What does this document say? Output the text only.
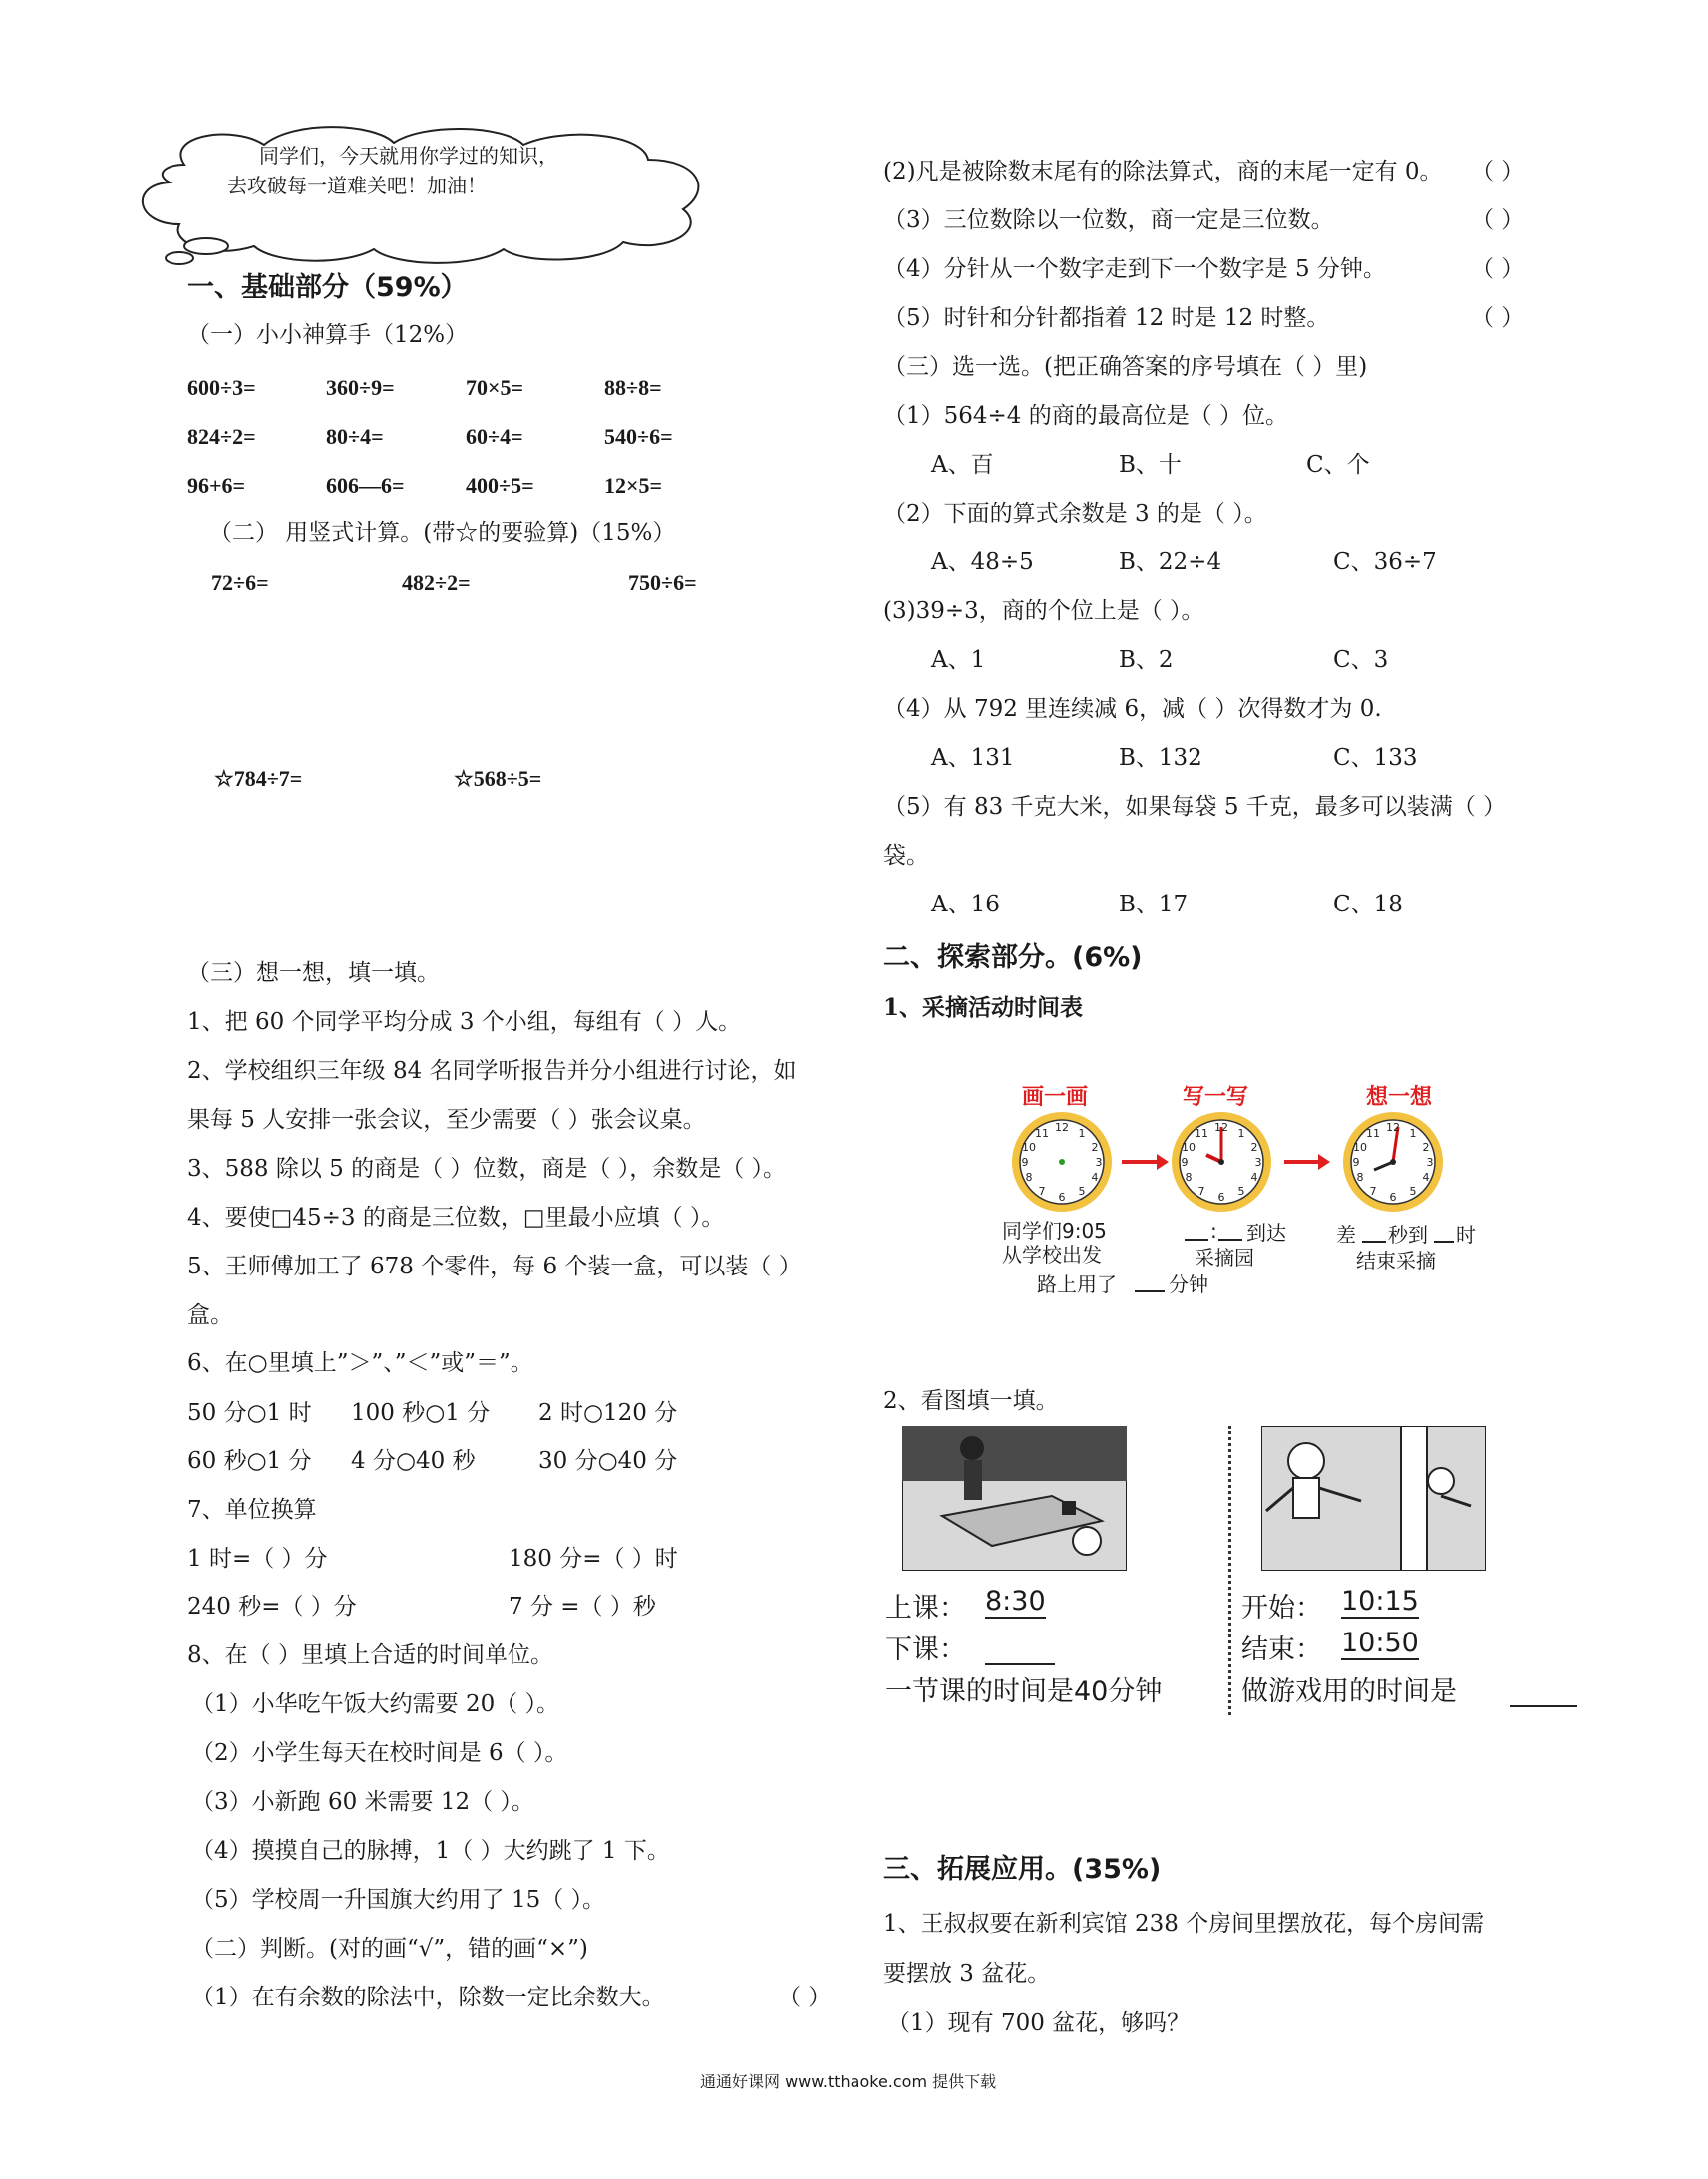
同学们，今天就用你学过的知识，
去攻破每一道难关吧！加油！
一、基础部分（59%）
（一）小小神算手（12%）
600÷3=	360÷9=	70×5=	88÷8=
824÷2=	80÷4=	60÷4=	540÷6=
96+6=	606—6=	400÷5=	12×5=
（二） 用竖式计算。(带☆的要验算)（15%）
72÷6=	482÷2=	750÷6=
☆784÷7=	☆568÷5=
（三）想一想，填一填。
1、把 60 个同学平均分成 3 个小组，每组有（ ）人。
2、学校组织三年级 84 名同学听报告并分小组进行讨论，如
果每 5 人安排一张会议，至少需要（ ）张会议桌。
3、588 除以 5 的商是（ ）位数，商是（ ），余数是（ ）。
4、要使□45÷3 的商是三位数，□里最小应填（ ）。
5、王师傅加工了 678 个零件，每 6 个装一盒，可以装（ ）
盒。
6、在○里填上”＞”、”＜”或”＝”。
50 分○1 时 100 秒○1 分 2 时○120 分
60 秒○1 分 4 分○40 秒	30 分○40 分
7、单位换算
1 时=（ ）分	180 分=（ ）时
240 秒=（ ）分	7 分 =（ ）秒
8、在（ ）里填上合适的时间单位。
（1）小华吃午饭大约需要 20（ ）。
（2）小学生每天在校时间是 6（ ）。
（3）小新跑 60 米需要 12（ ）。
（4）摸摸自己的脉搏，1（ ）大约跳了 1 下。
（5）学校周一升国旗大约用了 15（ ）。
（二）判断。(对的画“√”，错的画“×”)
（1）在有余数的除法中，除数一定比余数大。	（ ）
(2)凡是被除数末尾有的除法算式，商的末尾一定有 0。 （ ）
（3）三位数除以一位数，商一定是三位数。	（ ）
（4）分针从一个数字走到下一个数字是 5 分钟。	（ ）
（5）时针和分针都指着 12 时是 12 时整。	（ ）
（三）选一选。(把正确答案的序号填在（ ）里)
（1）564÷4 的商的最高位是（ ）位。
A、百	B、十	C、个
（2）下面的算式余数是 3 的是（ ）。
A、48÷5	B、22÷4	C、36÷7
(3)39÷3，商的个位上是（ ）。
A、1	B、2	C、3
（4）从 792 里连续减 6，减（ ）次得数才为 0.
A、131	B、132	C、133
（5）有 83 千克大米，如果每袋 5 千克，最多可以装满（ ）
袋。
A、16	B、17	C、18
二、探索部分。(6%)
1、采摘活动时间表
画一画	写一写	想一想
12 1
2
3
4
5
6
7
8
9
10
11	12 1
2
3
4
5
6
7
8
9
10
11	12 1
2
3
4
5
6
7
8
9
10
11
同学们9:05
从学校出发
路上用了	分钟
: 到达
采摘园
差 秒到 时
结束采摘
2、看图填一填。
上课： 8:30
下课：
一节课的时间是40分钟
开始： 10:15
结束： 10:50
做游戏用的时间是
三、拓展应用。(35%)
1、王叔叔要在新利宾馆 238 个房间里摆放花，每个房间需
要摆放 3 盆花。
（1）现有 700 盆花，够吗？
通通好课网 www.tthaoke.com 提供下载
